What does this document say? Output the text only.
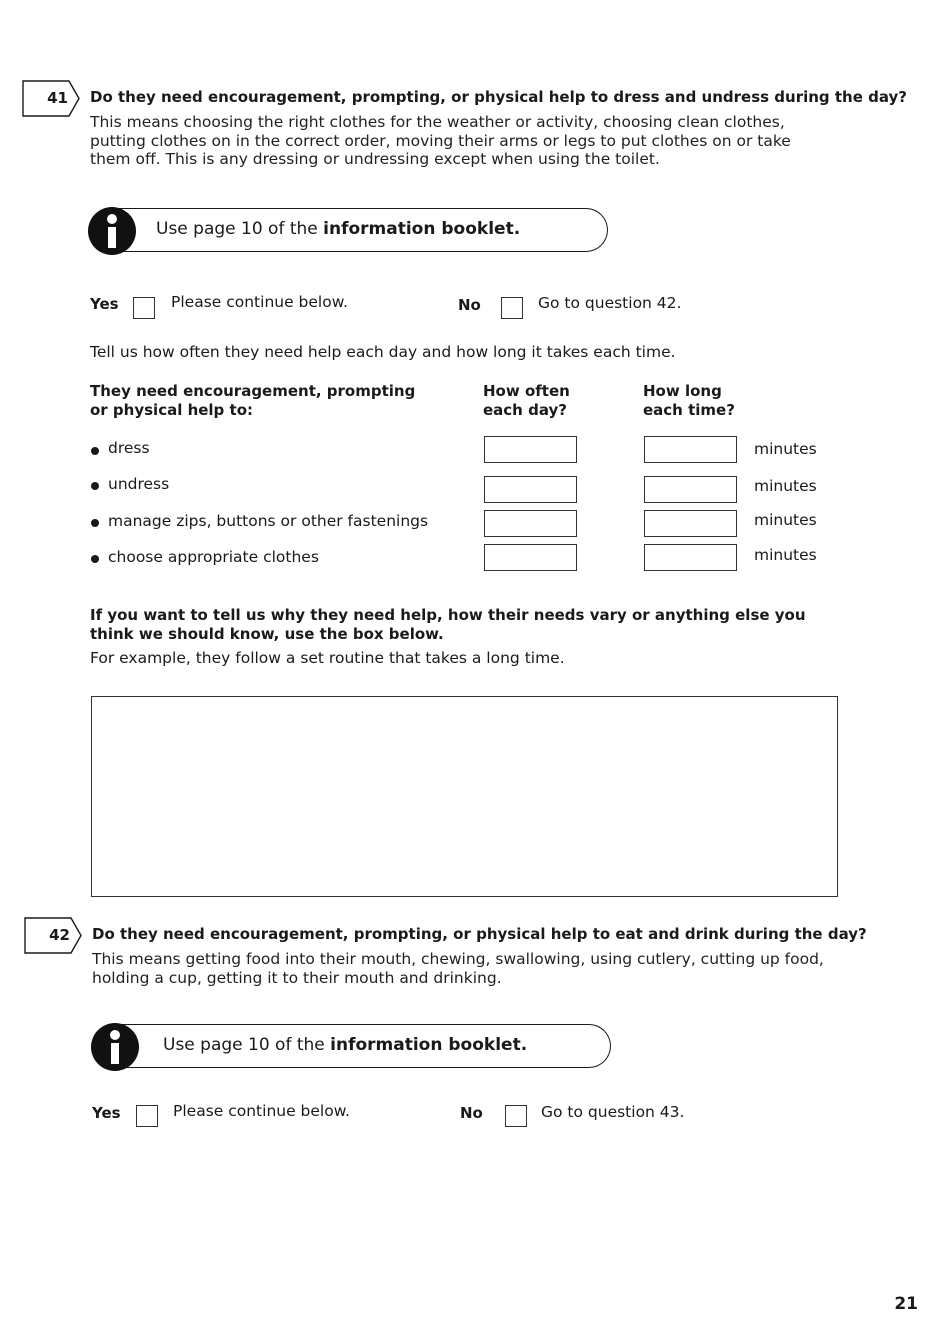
41 Do they need encouragement, prompting, or physical help to dress and undress during the day?
This means choosing the right clothes for the weather or activity, choosing clean clothes, putting clothes on in the correct order, moving their arms or legs to put clothes on or take them off. This is any dressing or undressing except when using the toilet.
Use page 10 of the information booklet.
Yes	Please continue below.	No	Go to question 42.
Tell us how often they need help each day and how long it takes each time.
They need encouragement, prompting
or physical help to:
How often
each day?
How long
each time?
dress	minutes
undress	minutes
manage zips, buttons or other fastenings	minutes
choose appropriate clothes	minutes
If you want to tell us why they need help, how their needs vary or anything else you think we should know, use the box below.
For example, they follow a set routine that takes a long time.
42 Do they need encouragement, prompting, or physical help to eat and drink during the day?
This means getting food into their mouth, chewing, swallowing, using cutlery, cutting up food, holding a cup, getting it to their mouth and drinking.
Use page 10 of the information booklet.
Yes	Please continue below.	No	Go to question 43.
21
